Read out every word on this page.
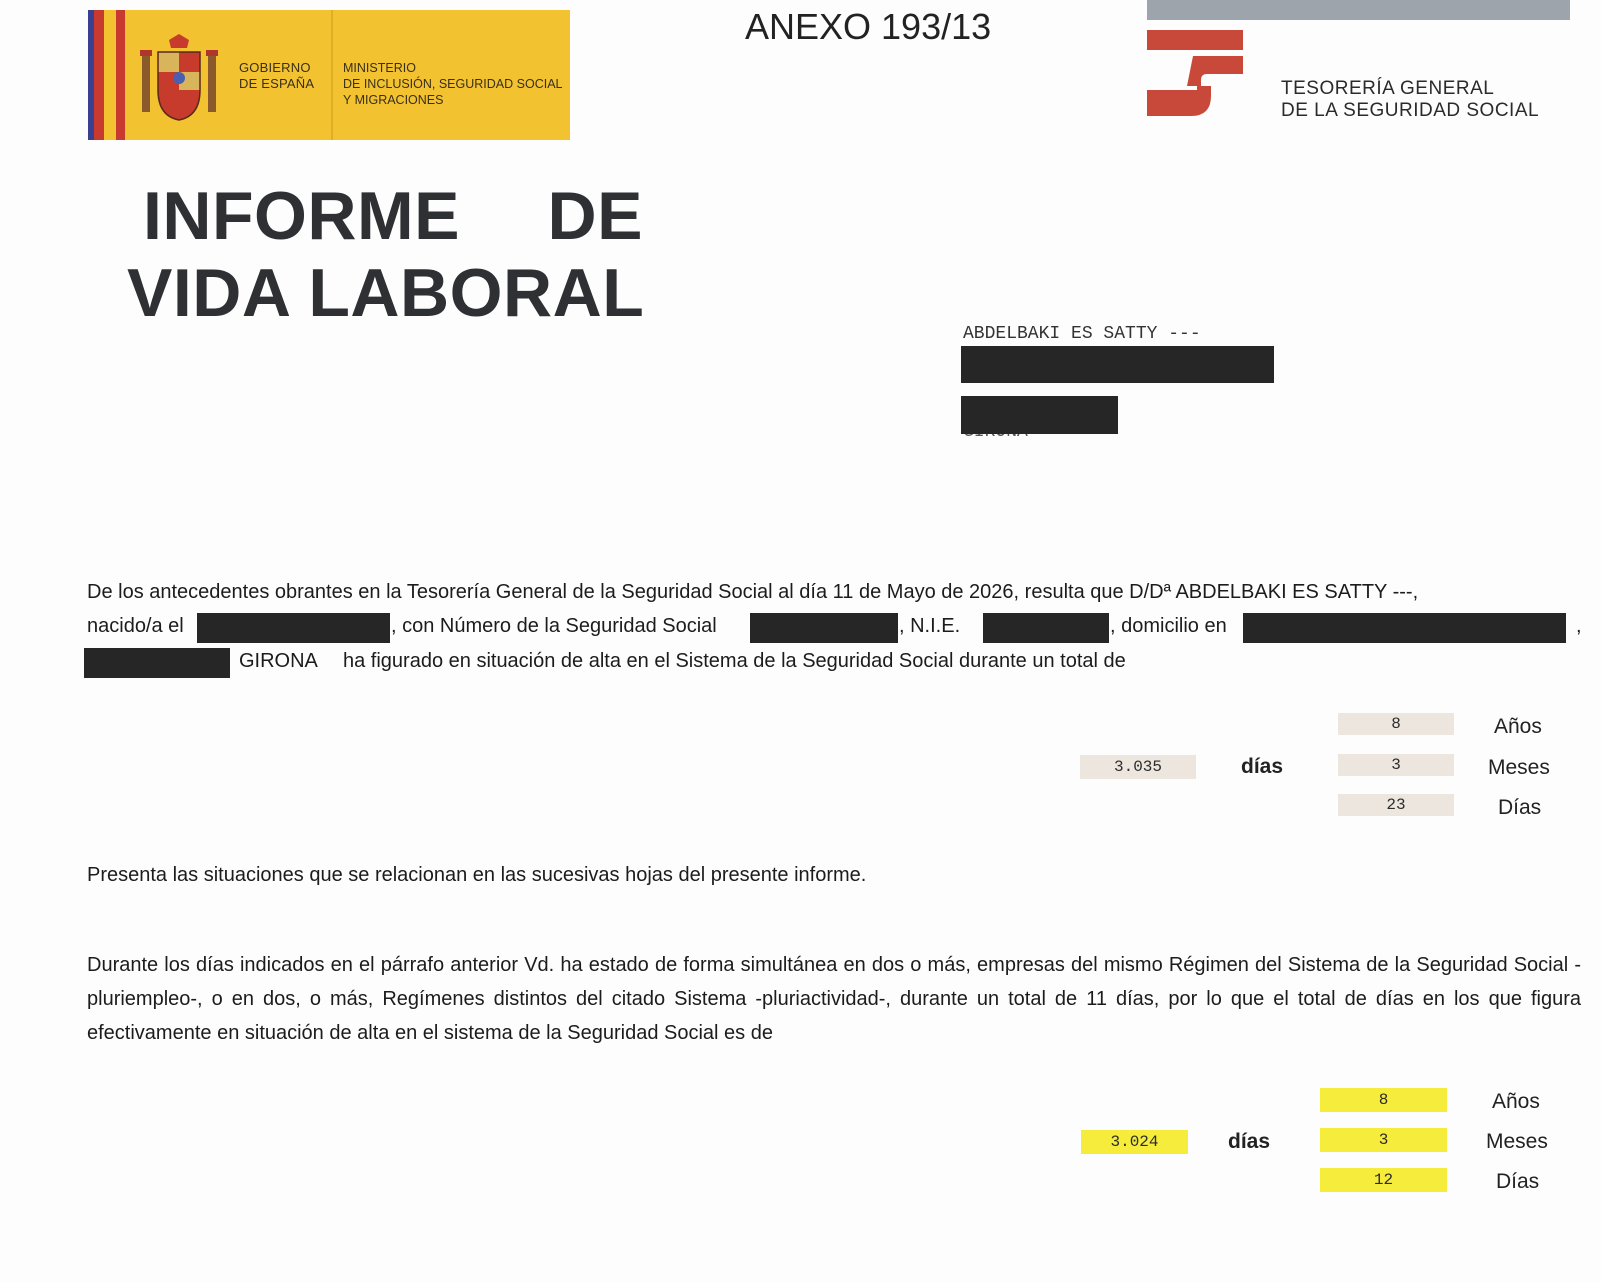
GOBIERNO
DE ESPAÑA
MINISTERIO
DE INCLUSIÓN, SEGURIDAD SOCIAL
Y MIGRACIONES
ANEXO 193/13
TESORERÍA GENERAL
DE LA SEGURIDAD SOCIAL
INFORME DE
VIDA LABORAL
ABDELBAKI ES SATTY ---
De los antecedentes obrantes en la Tesorería General de la Seguridad Social al día 11 de Mayo de 2026, resulta que D/Dª ABDELBAKI ES SATTY ---,
nacido/a el	, con Número de la Seguridad Social	, N.I.E.	, domicilio en	,
GIRONA ha figurado en situación de alta en el Sistema de la Seguridad Social durante un total de
3.035	días
8	Años
3	Meses
23	Días
Presenta las situaciones que se relacionan en las sucesivas hojas del presente informe.
Durante los días indicados en el párrafo anterior Vd. ha estado de forma simultánea en dos o más, empresas del mismo Régimen del Sistema de la Seguridad Social -pluriempleo-, o en dos, o más, Regímenes distintos del citado Sistema -pluriactividad-, durante un total de 11 días, por lo que el total de días en los que figura efectivamente en situación de alta en el sistema de la Seguridad Social es de
3.024	días
8	Años
3	Meses
12	Días
